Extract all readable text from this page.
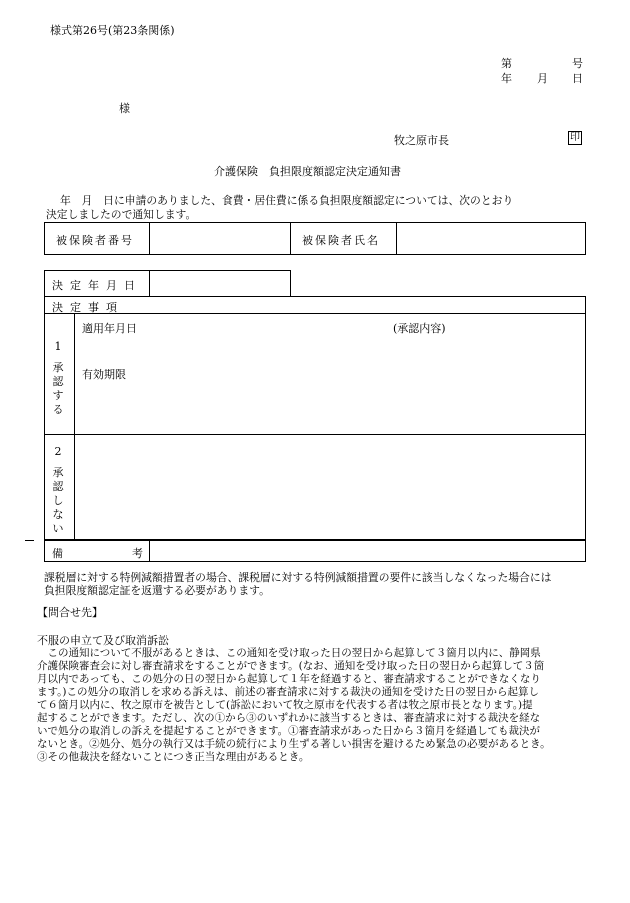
様式第26号(第23条関係)
第	号
年 月 日
様
牧之原市長	印
介護保険　負担限度額認定決定通知書
年　月　日に申請のありました、食費・居住費に係る負担限度額認定については、次のとおり
決定しましたので通知します。
被保険者番号	被保険者氏名
決定年月日
決定事項
1
承認する
適用年月日	(承認内容)
有効期限
2
承認しない
備	考
課税層に対する特例減額措置者の場合、課税層に対する特例減額措置の要件に該当しなくなった場合には
負担限度額認定証を返還する必要があります。
【問合せ先】
不服の申立て及び取消訴訟
　この通知について不服があるときは、この通知を受け取った日の翌日から起算して３箇月以内に、静岡県
介護保険審査会に対し審査請求をすることができます。(なお、通知を受け取った日の翌日から起算して３箇
月以内であっても、この処分の日の翌日から起算して１年を経過すると、審査請求することができなくなり
ます。)この処分の取消しを求める訴えは、前述の審査請求に対する裁決の通知を受けた日の翌日から起算し
て６箇月以内に、牧之原市を被告として(訴訟において牧之原市を代表する者は牧之原市長となります。)提
起することができます。ただし、次の①から③のいずれかに該当するときは、審査請求に対する裁決を経な
いで処分の取消しの訴えを提起することができます。①審査請求があった日から３箇月を経過しても裁決が
ないとき。②処分、処分の執行又は手続の続行により生ずる著しい損害を避けるため緊急の必要があるとき。
③その他裁決を経ないことにつき正当な理由があるとき。
